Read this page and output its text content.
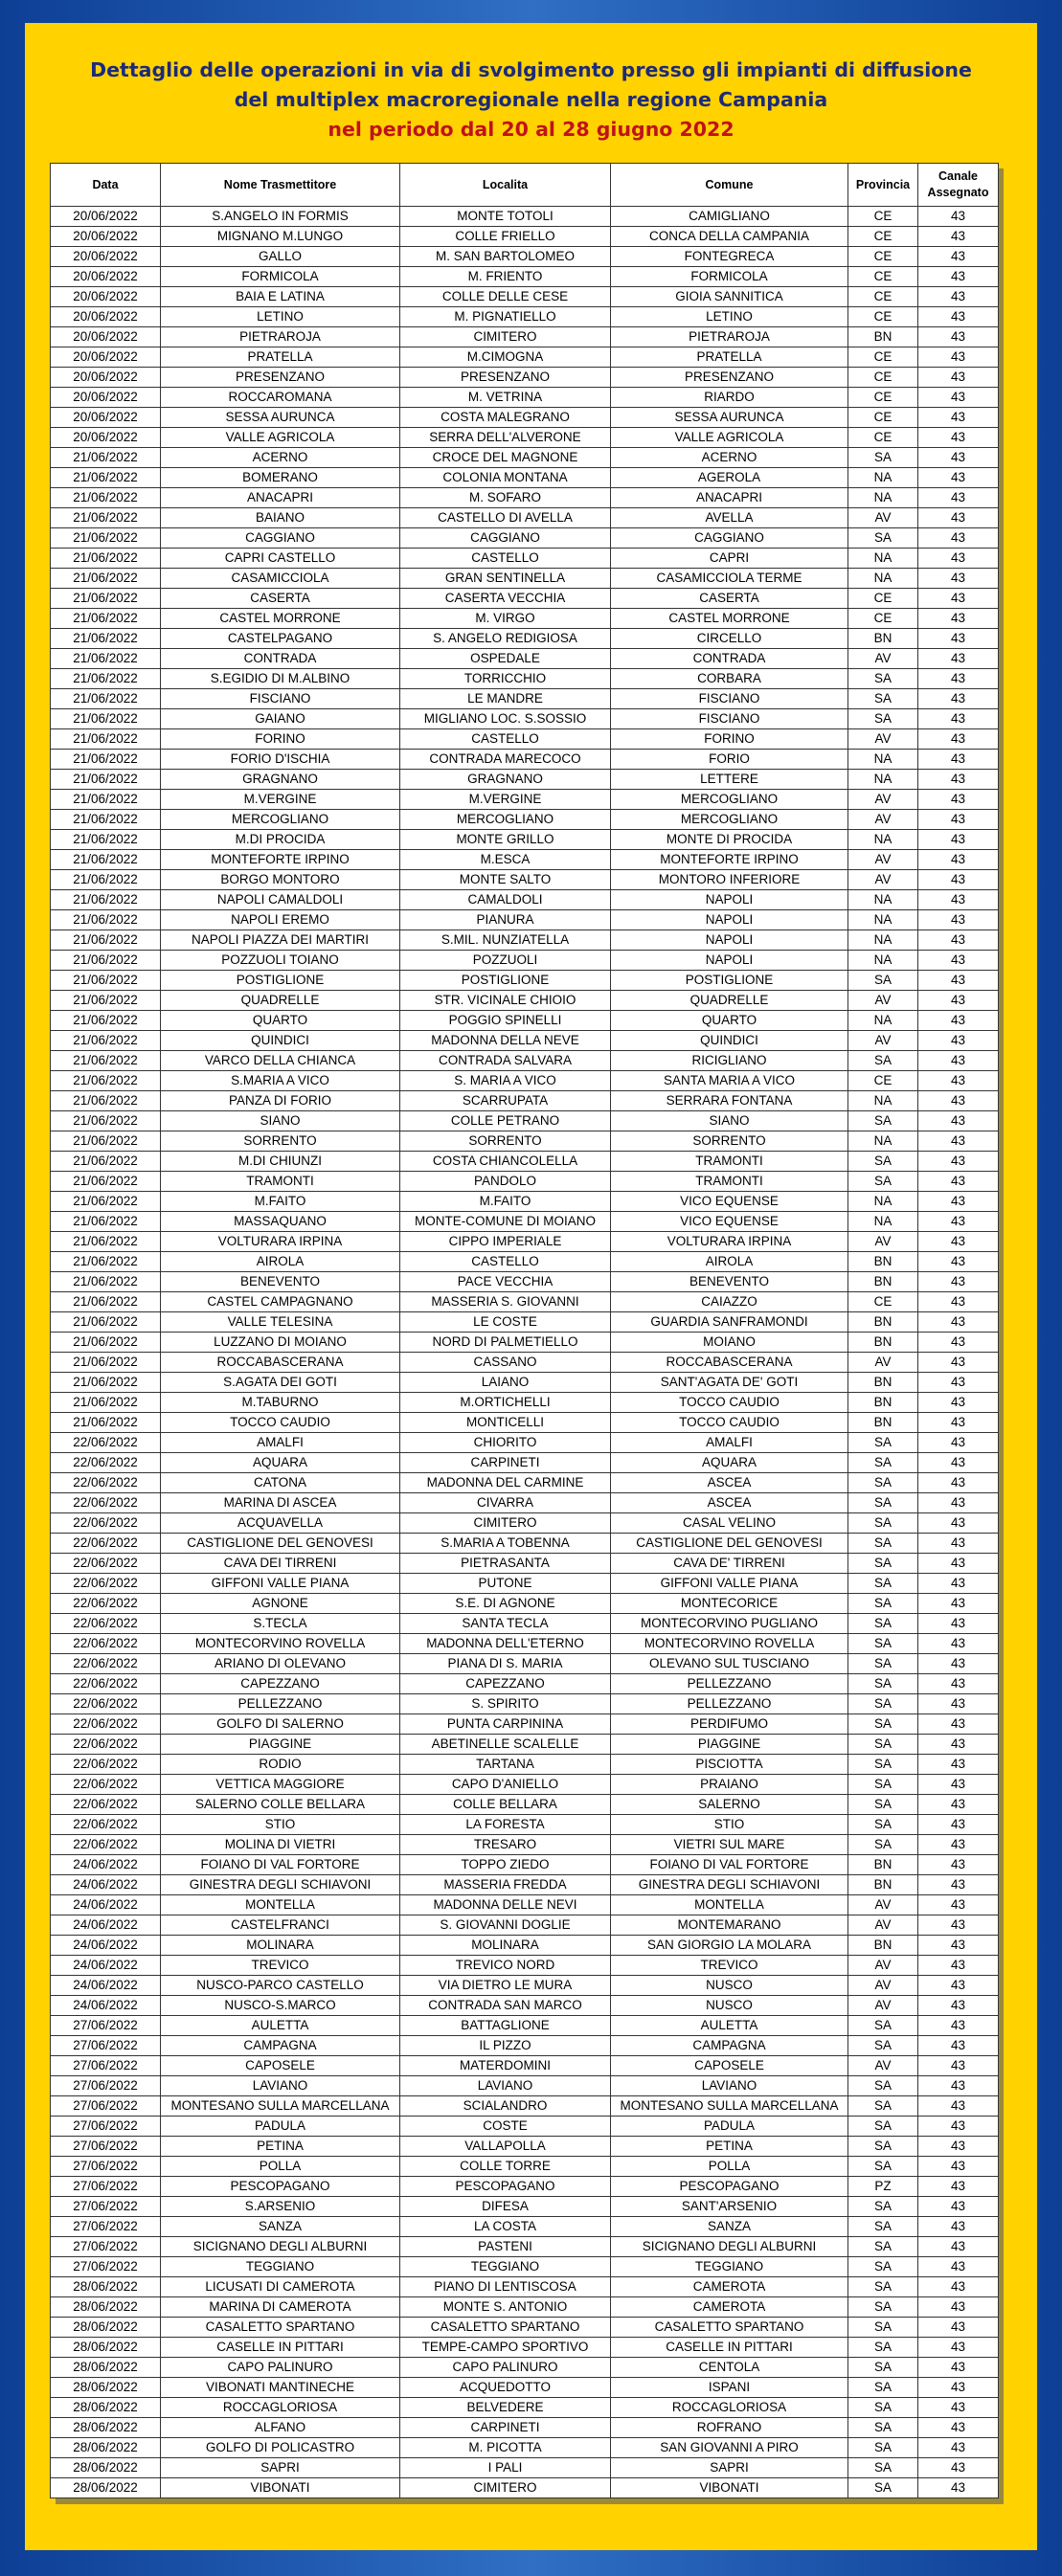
Dettaglio delle operazioni in via di svolgimento presso gli impianti di diffusione
del multiplex macroregionale nella regione Campania
nel periodo dal 20 al 28 giugno 2022
Data	Nome Trasmettitore	Localita	Comune	Provincia	Canale Assegnato
20/06/2022	S.ANGELO IN FORMIS	MONTE TOTOLI	CAMIGLIANO	CE	43
20/06/2022	MIGNANO M.LUNGO	COLLE FRIELLO	CONCA DELLA CAMPANIA	CE	43
20/06/2022	GALLO	M. SAN BARTOLOMEO	FONTEGRECA	CE	43
20/06/2022	FORMICOLA	M. FRIENTO	FORMICOLA	CE	43
20/06/2022	BAIA E LATINA	COLLE DELLE CESE	GIOIA SANNITICA	CE	43
20/06/2022	LETINO	M. PIGNATIELLO	LETINO	CE	43
20/06/2022	PIETRAROJA	CIMITERO	PIETRAROJA	BN	43
20/06/2022	PRATELLA	M.CIMOGNA	PRATELLA	CE	43
20/06/2022	PRESENZANO	PRESENZANO	PRESENZANO	CE	43
20/06/2022	ROCCAROMANA	M. VETRINA	RIARDO	CE	43
20/06/2022	SESSA AURUNCA	COSTA MALEGRANO	SESSA AURUNCA	CE	43
20/06/2022	VALLE AGRICOLA	SERRA DELL'ALVERONE	VALLE AGRICOLA	CE	43
21/06/2022	ACERNO	CROCE DEL MAGNONE	ACERNO	SA	43
21/06/2022	BOMERANO	COLONIA MONTANA	AGEROLA	NA	43
21/06/2022	ANACAPRI	M. SOFARO	ANACAPRI	NA	43
21/06/2022	BAIANO	CASTELLO DI AVELLA	AVELLA	AV	43
21/06/2022	CAGGIANO	CAGGIANO	CAGGIANO	SA	43
21/06/2022	CAPRI CASTELLO	CASTELLO	CAPRI	NA	43
21/06/2022	CASAMICCIOLA	GRAN SENTINELLA	CASAMICCIOLA TERME	NA	43
21/06/2022	CASERTA	CASERTA VECCHIA	CASERTA	CE	43
21/06/2022	CASTEL MORRONE	M. VIRGO	CASTEL MORRONE	CE	43
21/06/2022	CASTELPAGANO	S. ANGELO REDIGIOSA	CIRCELLO	BN	43
21/06/2022	CONTRADA	OSPEDALE	CONTRADA	AV	43
21/06/2022	S.EGIDIO DI M.ALBINO	TORRICCHIO	CORBARA	SA	43
21/06/2022	FISCIANO	LE MANDRE	FISCIANO	SA	43
21/06/2022	GAIANO	MIGLIANO LOC. S.SOSSIO	FISCIANO	SA	43
21/06/2022	FORINO	CASTELLO	FORINO	AV	43
21/06/2022	FORIO D'ISCHIA	CONTRADA MARECOCO	FORIO	NA	43
21/06/2022	GRAGNANO	GRAGNANO	LETTERE	NA	43
21/06/2022	M.VERGINE	M.VERGINE	MERCOGLIANO	AV	43
21/06/2022	MERCOGLIANO	MERCOGLIANO	MERCOGLIANO	AV	43
21/06/2022	M.DI PROCIDA	MONTE GRILLO	MONTE DI PROCIDA	NA	43
21/06/2022	MONTEFORTE IRPINO	M.ESCA	MONTEFORTE IRPINO	AV	43
21/06/2022	BORGO MONTORO	MONTE SALTO	MONTORO INFERIORE	AV	43
21/06/2022	NAPOLI CAMALDOLI	CAMALDOLI	NAPOLI	NA	43
21/06/2022	NAPOLI EREMO	PIANURA	NAPOLI	NA	43
21/06/2022	NAPOLI PIAZZA DEI MARTIRI	S.MIL. NUNZIATELLA	NAPOLI	NA	43
21/06/2022	POZZUOLI TOIANO	POZZUOLI	NAPOLI	NA	43
21/06/2022	POSTIGLIONE	POSTIGLIONE	POSTIGLIONE	SA	43
21/06/2022	QUADRELLE	STR. VICINALE CHIOIO	QUADRELLE	AV	43
21/06/2022	QUARTO	POGGIO SPINELLI	QUARTO	NA	43
21/06/2022	QUINDICI	MADONNA DELLA NEVE	QUINDICI	AV	43
21/06/2022	VARCO DELLA CHIANCA	CONTRADA SALVARA	RICIGLIANO	SA	43
21/06/2022	S.MARIA A VICO	S. MARIA A VICO	SANTA MARIA A VICO	CE	43
21/06/2022	PANZA DI FORIO	SCARRUPATA	SERRARA FONTANA	NA	43
21/06/2022	SIANO	COLLE PETRANO	SIANO	SA	43
21/06/2022	SORRENTO	SORRENTO	SORRENTO	NA	43
21/06/2022	M.DI CHIUNZI	COSTA CHIANCOLELLA	TRAMONTI	SA	43
21/06/2022	TRAMONTI	PANDOLO	TRAMONTI	SA	43
21/06/2022	M.FAITO	M.FAITO	VICO EQUENSE	NA	43
21/06/2022	MASSAQUANO	MONTE-COMUNE DI MOIANO	VICO EQUENSE	NA	43
21/06/2022	VOLTURARA IRPINA	CIPPO IMPERIALE	VOLTURARA IRPINA	AV	43
21/06/2022	AIROLA	CASTELLO	AIROLA	BN	43
21/06/2022	BENEVENTO	PACE VECCHIA	BENEVENTO	BN	43
21/06/2022	CASTEL CAMPAGNANO	MASSERIA S. GIOVANNI	CAIAZZO	CE	43
21/06/2022	VALLE TELESINA	LE COSTE	GUARDIA SANFRAMONDI	BN	43
21/06/2022	LUZZANO DI MOIANO	NORD DI PALMETIELLO	MOIANO	BN	43
21/06/2022	ROCCABASCERANA	CASSANO	ROCCABASCERANA	AV	43
21/06/2022	S.AGATA DEI GOTI	LAIANO	SANT'AGATA DE' GOTI	BN	43
21/06/2022	M.TABURNO	M.ORTICHELLI	TOCCO CAUDIO	BN	43
21/06/2022	TOCCO CAUDIO	MONTICELLI	TOCCO CAUDIO	BN	43
22/06/2022	AMALFI	CHIORITO	AMALFI	SA	43
22/06/2022	AQUARA	CARPINETI	AQUARA	SA	43
22/06/2022	CATONA	MADONNA DEL CARMINE	ASCEA	SA	43
22/06/2022	MARINA DI ASCEA	CIVARRA	ASCEA	SA	43
22/06/2022	ACQUAVELLA	CIMITERO	CASAL VELINO	SA	43
22/06/2022	CASTIGLIONE DEL GENOVESI	S.MARIA A TOBENNA	CASTIGLIONE DEL GENOVESI	SA	43
22/06/2022	CAVA DEI TIRRENI	PIETRASANTA	CAVA DE' TIRRENI	SA	43
22/06/2022	GIFFONI VALLE PIANA	PUTONE	GIFFONI VALLE PIANA	SA	43
22/06/2022	AGNONE	S.E. DI AGNONE	MONTECORICE	SA	43
22/06/2022	S.TECLA	SANTA TECLA	MONTECORVINO PUGLIANO	SA	43
22/06/2022	MONTECORVINO ROVELLA	MADONNA DELL'ETERNO	MONTECORVINO ROVELLA	SA	43
22/06/2022	ARIANO DI OLEVANO	PIANA DI S. MARIA	OLEVANO SUL TUSCIANO	SA	43
22/06/2022	CAPEZZANO	CAPEZZANO	PELLEZZANO	SA	43
22/06/2022	PELLEZZANO	S. SPIRITO	PELLEZZANO	SA	43
22/06/2022	GOLFO DI SALERNO	PUNTA CARPININA	PERDIFUMO	SA	43
22/06/2022	PIAGGINE	ABETINELLE SCALELLE	PIAGGINE	SA	43
22/06/2022	RODIO	TARTANA	PISCIOTTA	SA	43
22/06/2022	VETTICA MAGGIORE	CAPO D'ANIELLO	PRAIANO	SA	43
22/06/2022	SALERNO COLLE BELLARA	COLLE BELLARA	SALERNO	SA	43
22/06/2022	STIO	LA FORESTA	STIO	SA	43
22/06/2022	MOLINA DI VIETRI	TRESARO	VIETRI SUL MARE	SA	43
24/06/2022	FOIANO DI VAL FORTORE	TOPPO ZIEDO	FOIANO DI VAL FORTORE	BN	43
24/06/2022	GINESTRA DEGLI SCHIAVONI	MASSERIA FREDDA	GINESTRA DEGLI SCHIAVONI	BN	43
24/06/2022	MONTELLA	MADONNA DELLE NEVI	MONTELLA	AV	43
24/06/2022	CASTELFRANCI	S. GIOVANNI DOGLIE	MONTEMARANO	AV	43
24/06/2022	MOLINARA	MOLINARA	SAN GIORGIO LA MOLARA	BN	43
24/06/2022	TREVICO	TREVICO NORD	TREVICO	AV	43
24/06/2022	NUSCO-PARCO CASTELLO	VIA DIETRO LE MURA	NUSCO	AV	43
24/06/2022	NUSCO-S.MARCO	CONTRADA SAN MARCO	NUSCO	AV	43
27/06/2022	AULETTA	BATTAGLIONE	AULETTA	SA	43
27/06/2022	CAMPAGNA	IL PIZZO	CAMPAGNA	SA	43
27/06/2022	CAPOSELE	MATERDOMINI	CAPOSELE	AV	43
27/06/2022	LAVIANO	LAVIANO	LAVIANO	SA	43
27/06/2022	MONTESANO SULLA MARCELLANA	SCIALANDRO	MONTESANO SULLA MARCELLANA	SA	43
27/06/2022	PADULA	COSTE	PADULA	SA	43
27/06/2022	PETINA	VALLAPOLLA	PETINA	SA	43
27/06/2022	POLLA	COLLE TORRE	POLLA	SA	43
27/06/2022	PESCOPAGANO	PESCOPAGANO	PESCOPAGANO	PZ	43
27/06/2022	S.ARSENIO	DIFESA	SANT'ARSENIO	SA	43
27/06/2022	SANZA	LA COSTA	SANZA	SA	43
27/06/2022	SICIGNANO DEGLI ALBURNI	PASTENI	SICIGNANO DEGLI ALBURNI	SA	43
27/06/2022	TEGGIANO	TEGGIANO	TEGGIANO	SA	43
28/06/2022	LICUSATI DI CAMEROTA	PIANO DI LENTISCOSA	CAMEROTA	SA	43
28/06/2022	MARINA DI CAMEROTA	MONTE S. ANTONIO	CAMEROTA	SA	43
28/06/2022	CASALETTO SPARTANO	CASALETTO SPARTANO	CASALETTO SPARTANO	SA	43
28/06/2022	CASELLE IN PITTARI	TEMPE-CAMPO SPORTIVO	CASELLE IN PITTARI	SA	43
28/06/2022	CAPO PALINURO	CAPO PALINURO	CENTOLA	SA	43
28/06/2022	VIBONATI MANTINECHE	ACQUEDOTTO	ISPANI	SA	43
28/06/2022	ROCCAGLORIOSA	BELVEDERE	ROCCAGLORIOSA	SA	43
28/06/2022	ALFANO	CARPINETI	ROFRANO	SA	43
28/06/2022	GOLFO DI POLICASTRO	M. PICOTTA	SAN GIOVANNI A PIRO	SA	43
28/06/2022	SAPRI	I PALI	SAPRI	SA	43
28/06/2022	VIBONATI	CIMITERO	VIBONATI	SA	43
